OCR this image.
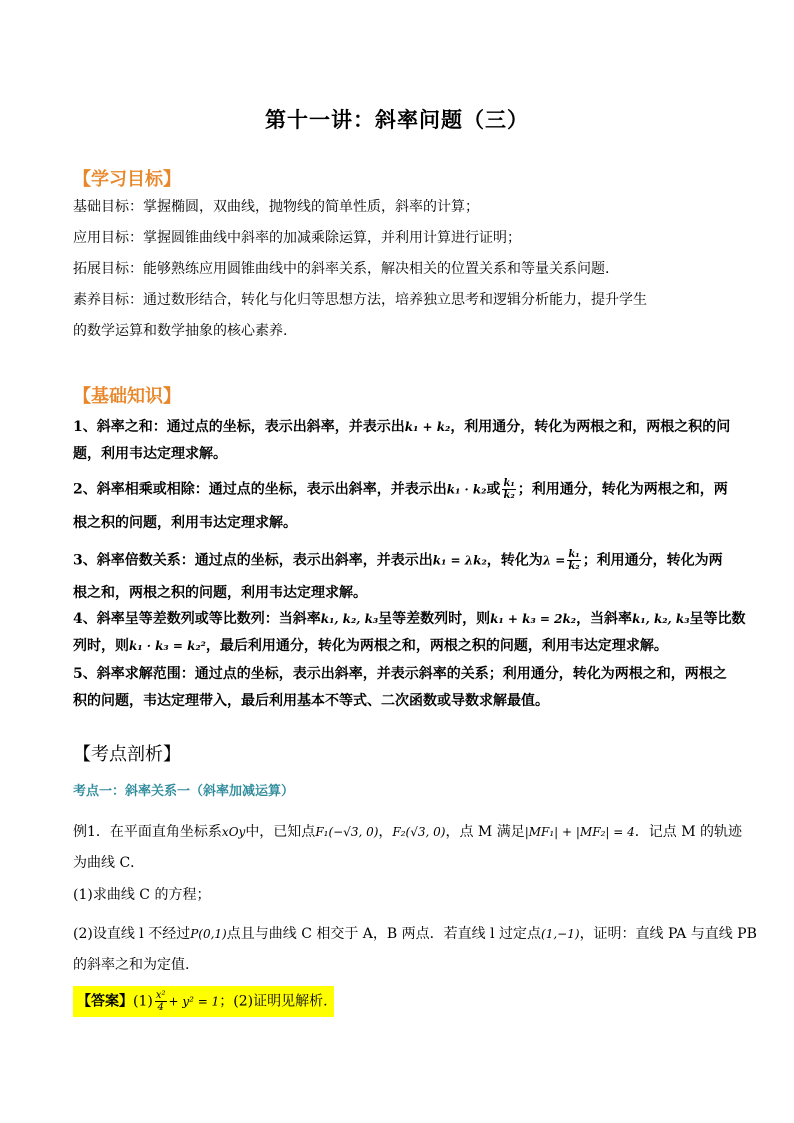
第十一讲：斜率问题（三）
【学习目标】
基础目标：掌握椭圆，双曲线，抛物线的简单性质，斜率的计算；
应用目标：掌握圆锥曲线中斜率的加减乘除运算，并利用计算进行证明；
拓展目标：能够熟练应用圆锥曲线中的斜率关系，解决相关的位置关系和等量关系问题.
素养目标：通过数形结合，转化与化归等思想方法，培养独立思考和逻辑分析能力，提升学生
的数学运算和数学抽象的核心素养.
【基础知识】
1、斜率之和：通过点的坐标，表示出斜率，并表示出k₁ + k₂，利用通分，转化为两根之和，两根之积的问
题，利用韦达定理求解。
2、斜率相乘或相除：通过点的坐标，表示出斜率，并表示出k₁ · k₂或 $\frac{\text{k₁}}{\text{k₂}}$ ；利用通分，转化为两根之和，两
根之积的问题，利用韦达定理求解。
3、斜率倍数关系：通过点的坐标，表示出斜率，并表示出k₁ = λk₂，转化为$\lambda = \frac{\text{k₁}}{\text{k₂}}$ ；利用通分，转化为两
根之和，两根之积的问题，利用韦达定理求解。
4、斜率呈等差数列或等比数列：当斜率k₁, k₂, k₃呈等差数列时，则k₁ + k₃ = 2k₂，当斜率k₁, k₂, k₃呈等比数
列时，则k₁ · k₃ = k₂²，最后利用通分，转化为两根之和，两根之积的问题，利用韦达定理求解。
5、斜率求解范围：通过点的坐标，表示出斜率，并表示斜率的关系；利用通分，转化为两根之和，两根之
积的问题，韦达定理带入，最后利用基本不等式、二次函数或导数求解最值。
【考点剖析】
考点一：斜率关系一（斜率加减运算）
例1．在平面直角坐标系xOy中，已知点F₁(−√3, 0)，F₂(√3, 0)，点 M 满足|MF₁| + |MF₂| = 4．记点 M 的轨迹
为曲线 C．
(1)求曲线 C 的方程；
(2)设直线 l 不经过P(0,1)点且与曲线 C 相交于 A，B 两点．若直线 l 过定点(1,−1)，证明：直线 PA 与直线 PB
的斜率之和为定值.
【答案】$(1) \frac{\text{x²}}{4} + y^2 = 1$；(2)证明见解析.
